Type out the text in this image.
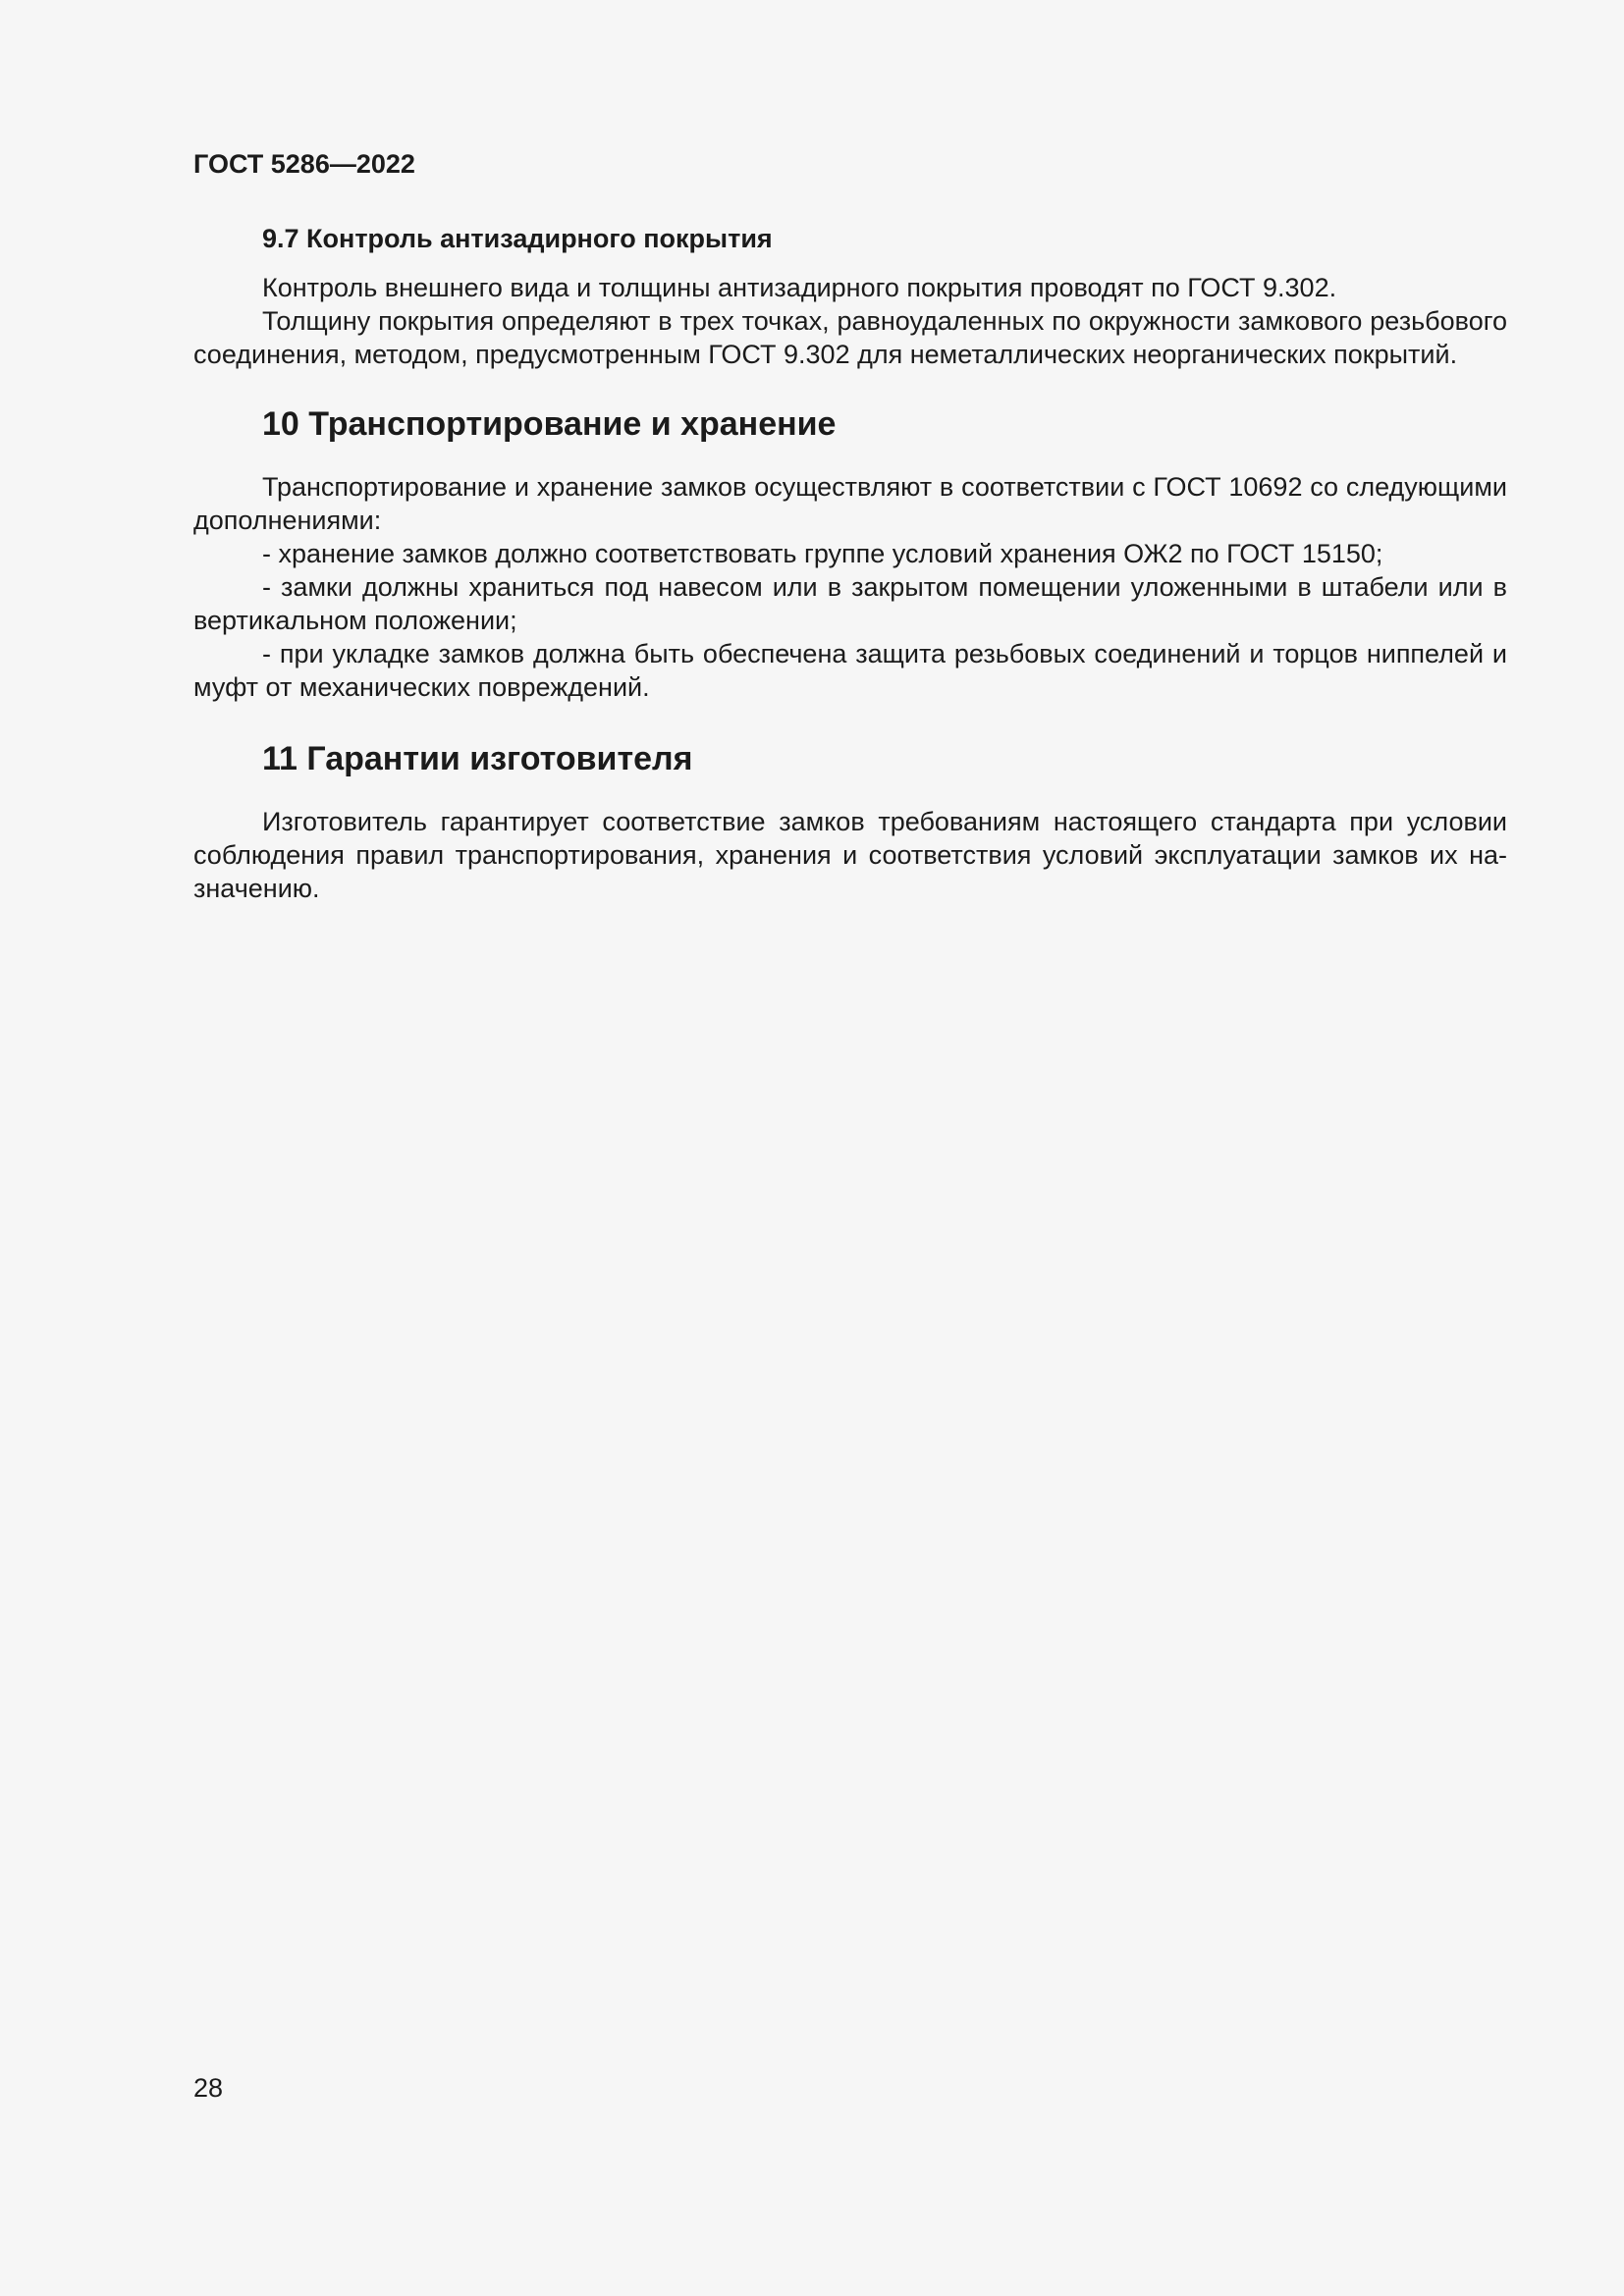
ГОСТ 5286—2022
9.7 Контроль антизадирного покрытия

Контроль внешнего вида и толщины антизадирного покрытия проводят по ГОСТ 9.302.

Толщину покрытия определяют в трех точках, равноудаленных по окружности замкового резьбового соединения, методом, предусмотренным ГОСТ 9.302 для неметаллических неорганических покрытий.

10 Транспортирование и хранение

Транспортирование и хранение замков осуществляют в соответствии с ГОСТ 10692 со следующими дополнениями:

- хранение замков должно соответствовать группе условий хранения ОЖ2 по ГОСТ 15150;
- замки должны храниться под навесом или в закрытом помещении уложенными в штабели или в вертикальном положении;
- при укладке замков должна быть обеспечена защита резьбовых соединений и торцов ниппелей и муфт от механических повреждений.
11 Гарантии изготовителя

Изготовитель гарантирует соответствие замков требованиям настоящего стандарта при условии соблюдения правил транспортирования, хранения и соответствия условий эксплуатации замков их назначению.

28
